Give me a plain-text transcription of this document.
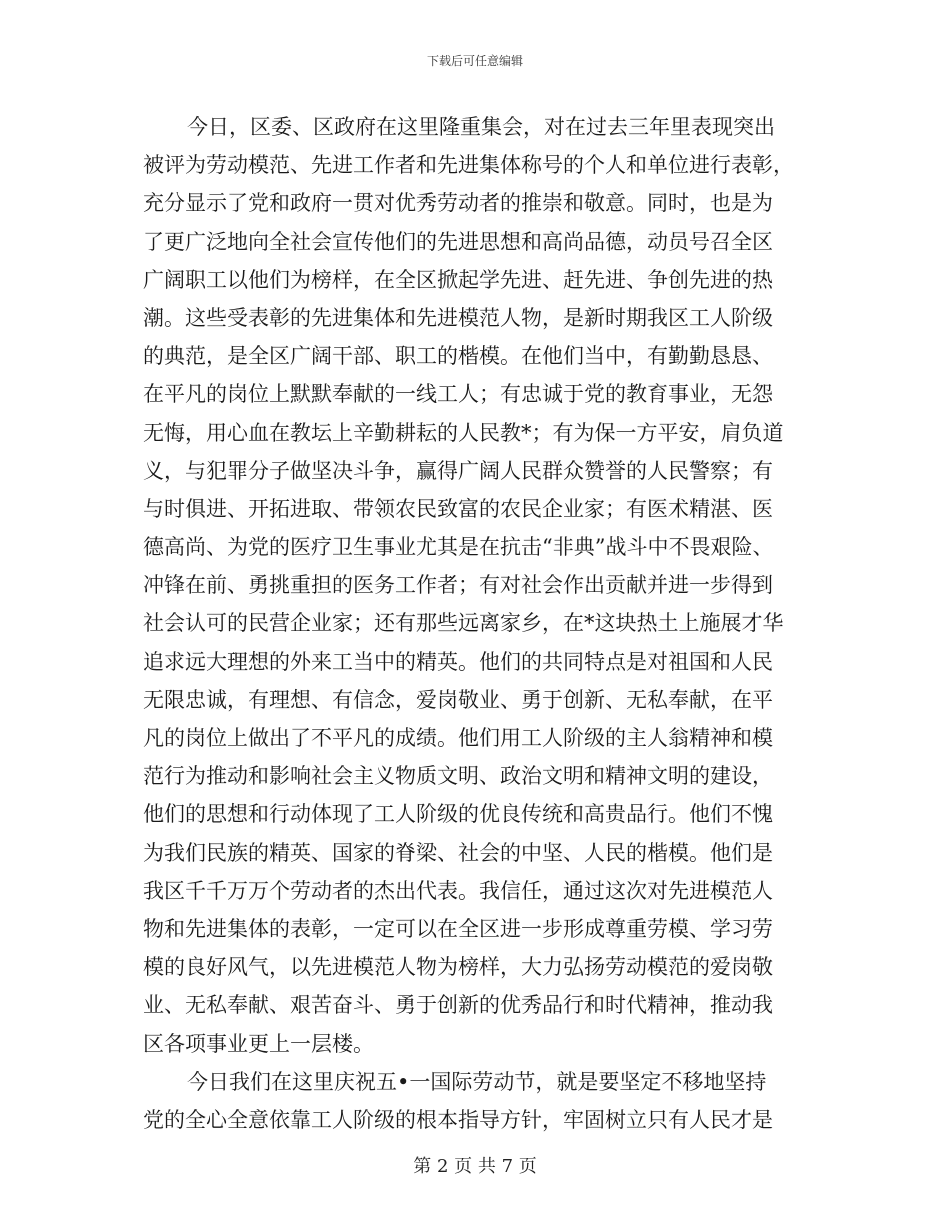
下载后可任意编辑
今日，区委、区政府在这里隆重集会，对在过去三年里表现突出
被评为劳动模范、先进工作者和先进集体称号的个人和单位进行表彰，
充分显示了党和政府一贯对优秀劳动者的推崇和敬意。同时，也是为
了更广泛地向全社会宣传他们的先进思想和高尚品德，动员号召全区
广阔职工以他们为榜样，在全区掀起学先进、赶先进、争创先进的热
潮。这些受表彰的先进集体和先进模范人物，是新时期我区工人阶级
的典范，是全区广阔干部、职工的楷模。在他们当中，有勤勤恳恳、
在平凡的岗位上默默奉献的一线工人；有忠诚于党的教育事业，无怨
无悔，用心血在教坛上辛勤耕耘的人民教*；有为保一方平安，肩负道
义，与犯罪分子做坚决斗争，赢得广阔人民群众赞誉的人民警察；有
与时俱进、开拓进取、带领农民致富的农民企业家；有医术精湛、医
德高尚、为党的医疗卫生事业尤其是在抗击“非典”战斗中不畏艰险、
冲锋在前、勇挑重担的医务工作者；有对社会作出贡献并进一步得到
社会认可的民营企业家；还有那些远离家乡，在*这块热土上施展才华
追求远大理想的外来工当中的精英。他们的共同特点是对祖国和人民
无限忠诚，有理想、有信念，爱岗敬业、勇于创新、无私奉献，在平
凡的岗位上做出了不平凡的成绩。他们用工人阶级的主人翁精神和模
范行为推动和影响社会主义物质文明、政治文明和精神文明的建设，
他们的思想和行动体现了工人阶级的优良传统和高贵品行。他们不愧
为我们民族的精英、国家的脊梁、社会的中坚、人民的楷模。他们是
我区千千万万个劳动者的杰出代表。我信任，通过这次对先进模范人
物和先进集体的表彰，一定可以在全区进一步形成尊重劳模、学习劳
模的良好风气，以先进模范人物为榜样，大力弘扬劳动模范的爱岗敬
业、无私奉献、艰苦奋斗、勇于创新的优秀品行和时代精神，推动我
区各项事业更上一层楼。
今日我们在这里庆祝五•一国际劳动节，就是要坚定不移地坚持
党的全心全意依靠工人阶级的根本指导方针，牢固树立只有人民才是
第 2 页 共 7 页
